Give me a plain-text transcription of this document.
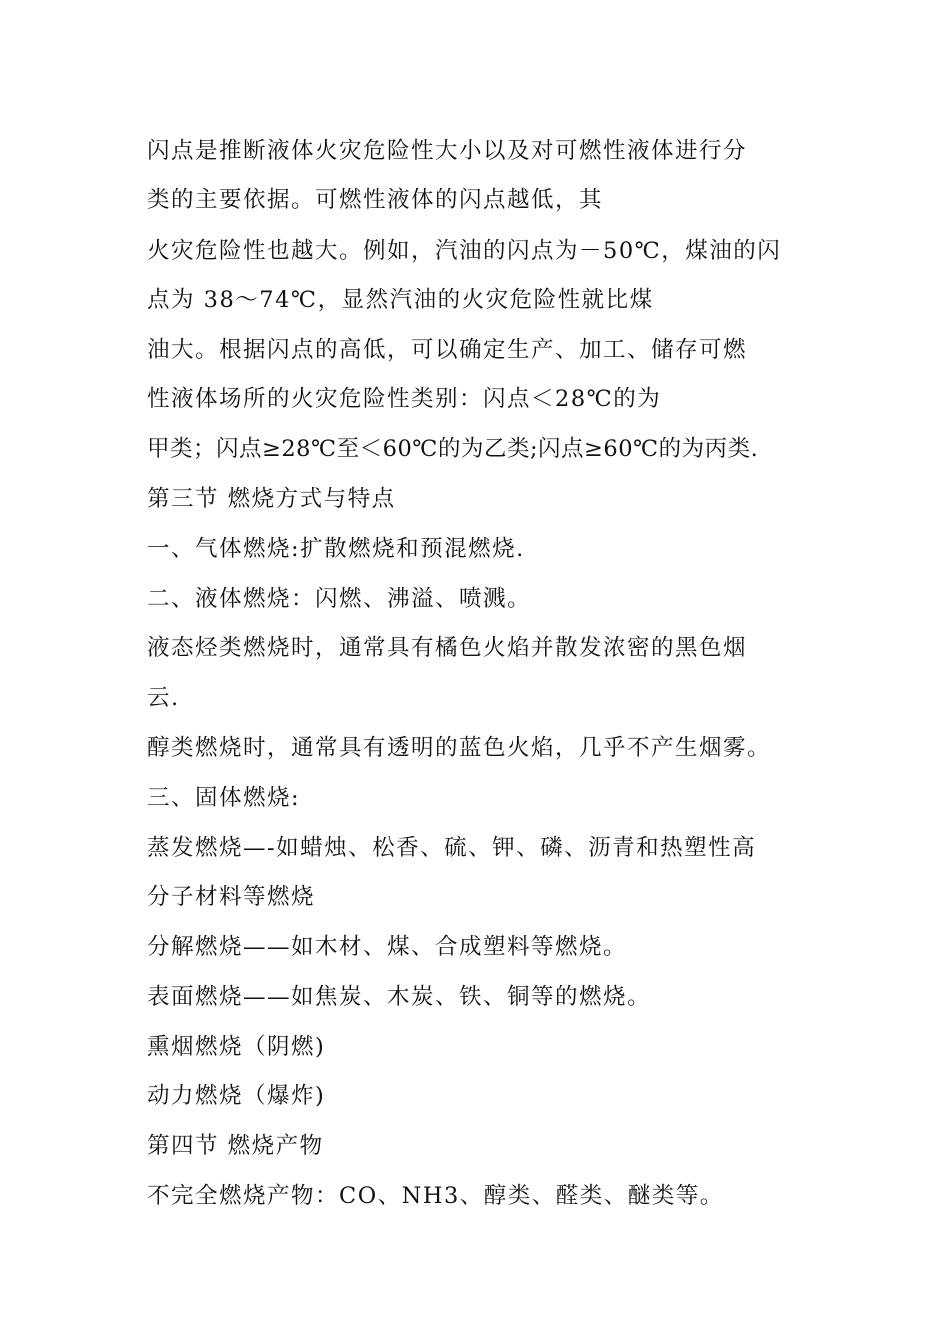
闪点是推断液体火灾危险性大小以及对可燃性液体进行分
类的主要依据。可燃性液体的闪点越低，其
火灾危险性也越大。例如，汽油的闪点为－50℃，煤油的闪
点为 38～74℃，显然汽油的火灾危险性就比煤
油大。根据闪点的高低，可以确定生产、加工、储存可燃
性液体场所的火灾危险性类别：闪点＜28℃的为
甲类；闪点≥28℃至＜60℃的为乙类;闪点≥60℃的为丙类.
第三节 燃烧方式与特点
一、气体燃烧:扩散燃烧和预混燃烧.
二、液体燃烧：闪燃、沸溢、喷溅。
液态烃类燃烧时，通常具有橘色火焰并散发浓密的黑色烟
云.
醇类燃烧时，通常具有透明的蓝色火焰，几乎不产生烟雾。
三、固体燃烧:
蒸发燃烧—-如蜡烛、松香、硫、钾、磷、沥青和热塑性高
分子材料等燃烧
分解燃烧——如木材、煤、合成塑料等燃烧。
表面燃烧——如焦炭、木炭、铁、铜等的燃烧。
熏烟燃烧（阴燃)
动力燃烧（爆炸)
第四节 燃烧产物
不完全燃烧产物：CO、NH3、醇类、醛类、醚类等。
